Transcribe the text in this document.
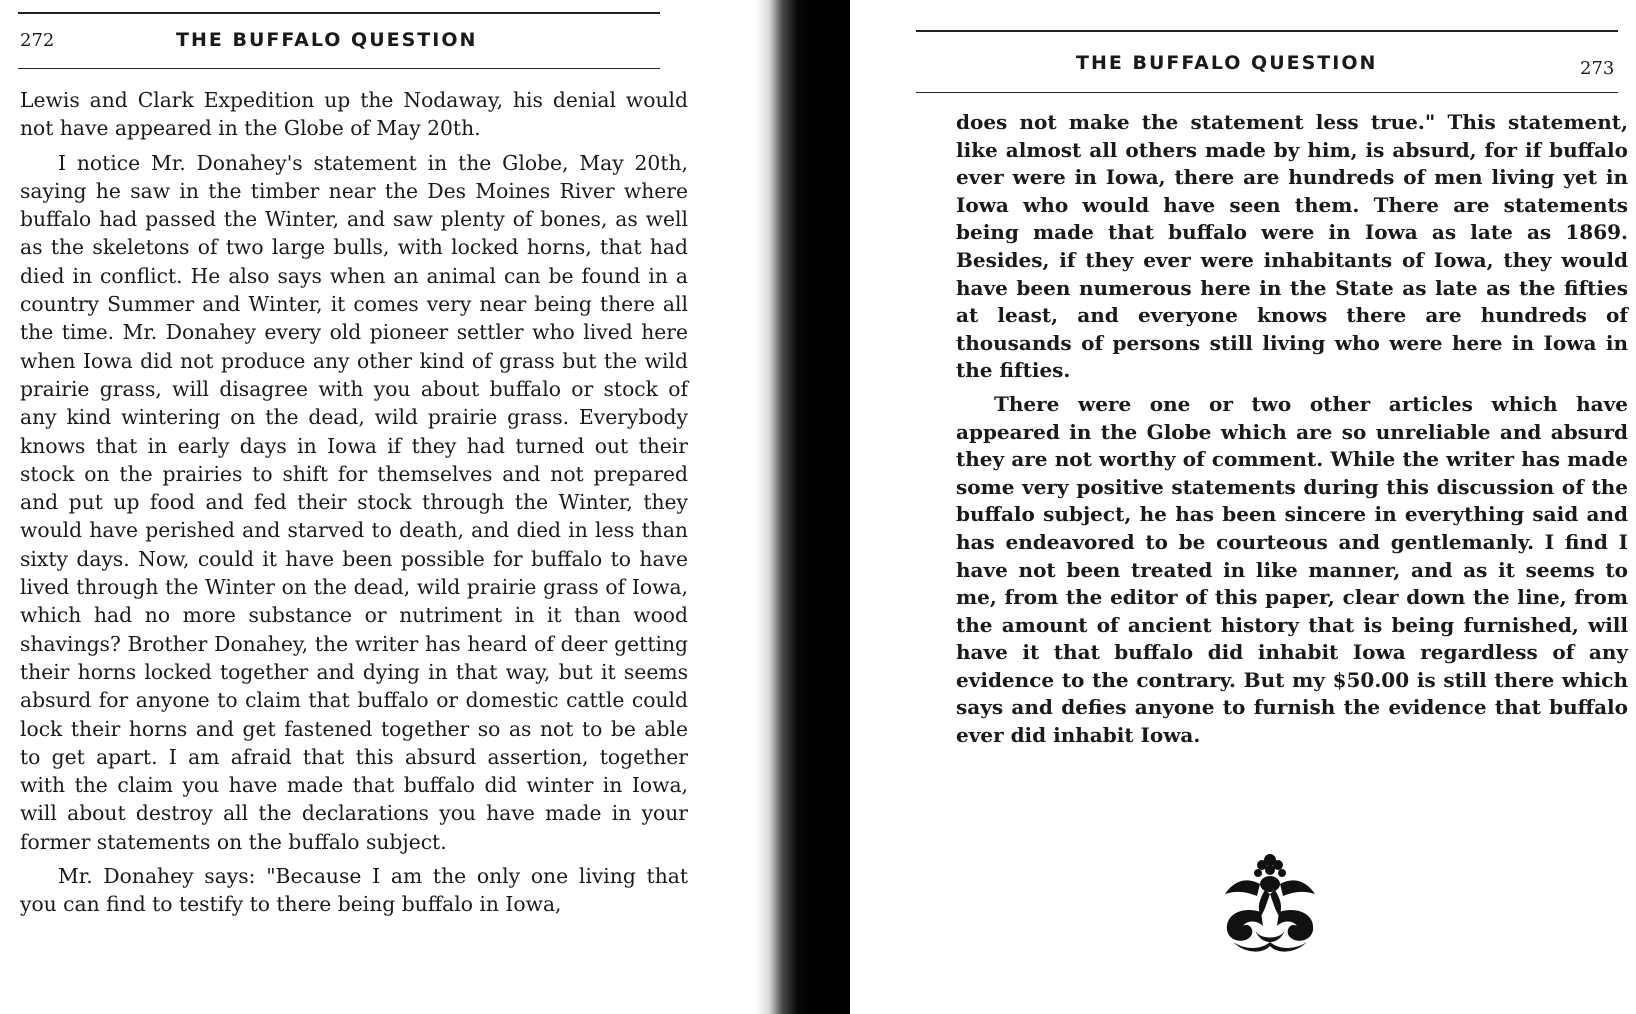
272	THE BUFFALO QUESTION

Lewis and Clark Expedition up the Nodaway, his denial would not have appeared in the Globe of May 20th.

I notice Mr. Donahey's statement in the Globe, May 20th, saying he saw in the timber near the Des Moines River where buffalo had passed the Winter, and saw plenty of bones, as well as the skeletons of two large bulls, with locked horns, that had died in conflict. He also says when an animal can be found in a country Summer and Winter, it comes very near being there all the time. Mr. Donahey every old pioneer settler who lived here when Iowa did not produce any other kind of grass but the wild prairie grass, will disagree with you about buffalo or stock of any kind wintering on the dead, wild prairie grass. Everybody knows that in early days in Iowa if they had turned out their stock on the prairies to shift for themselves and not prepared and put up food and fed their stock through the Winter, they would have perished and starved to death, and died in less than sixty days. Now, could it have been possible for buffalo to have lived through the Winter on the dead, wild prairie grass of Iowa, which had no more substance or nutriment in it than wood shavings? Brother Donahey, the writer has heard of deer getting their horns locked together and dying in that way, but it seems absurd for anyone to claim that buffalo or domestic cattle could lock their horns and get fastened together so as not to be able to get apart. I am afraid that this absurd assertion, together with the claim you have made that buffalo did winter in Iowa, will about destroy all the declarations you have made in your former statements on the buffalo subject.

Mr. Donahey says: "Because I am the only one living that you can find to testify to there being buffalo in Iowa,

THE BUFFALO QUESTION	273

does not make the statement less true." This statement, like almost all others made by him, is absurd, for if buffalo ever were in Iowa, there are hundreds of men living yet in Iowa who would have seen them. There are statements being made that buffalo were in Iowa as late as 1869. Besides, if they ever were inhabitants of Iowa, they would have been numerous here in the State as late as the fifties at least, and everyone knows there are hundreds of thousands of persons still living who were here in Iowa in the fifties.

There were one or two other articles which have appeared in the Globe which are so unreliable and absurd they are not worthy of comment. While the writer has made some very positive statements during this discussion of the buffalo subject, he has been sincere in everything said and has endeavored to be courteous and gentlemanly. I find I have not been treated in like manner, and as it seems to me, from the editor of this paper, clear down the line, from the amount of ancient history that is being furnished, will have it that buffalo did inhabit Iowa regardless of any evidence to the contrary. But my $50.00 is still there which says and defies anyone to furnish the evidence that buffalo ever did inhabit Iowa.
